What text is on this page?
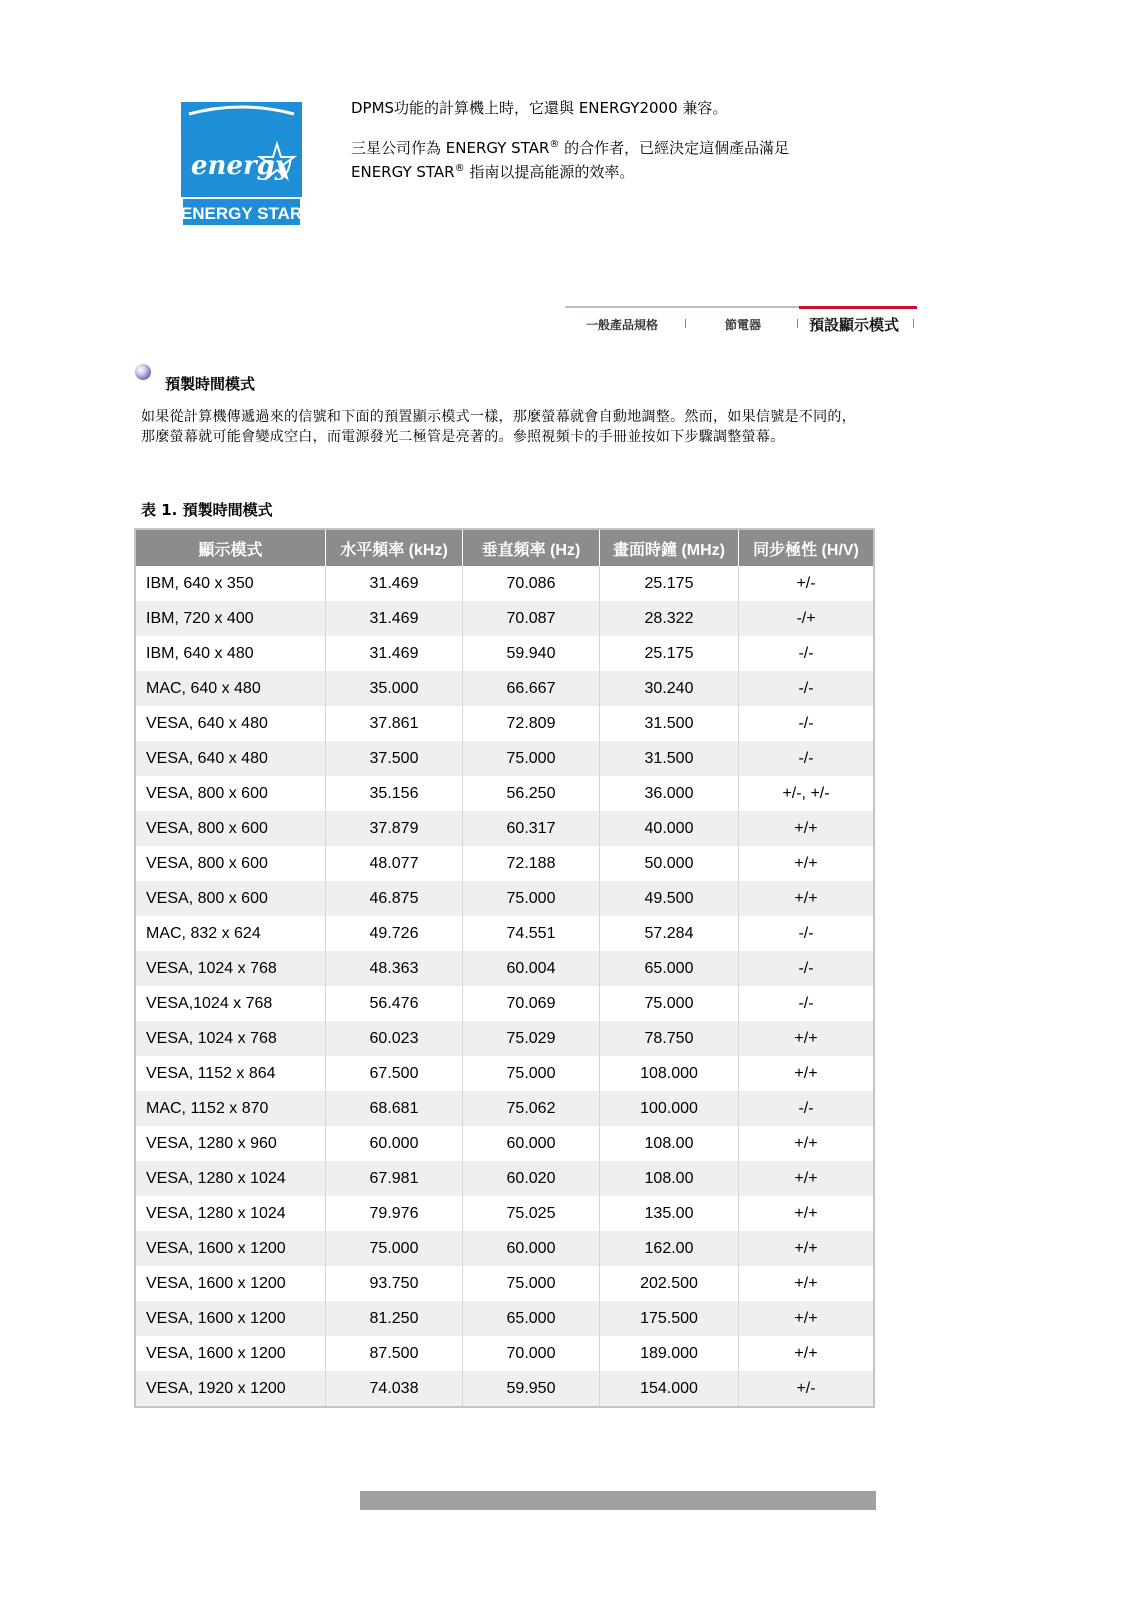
energy
ENERGY STAR

DPMS功能的計算機上時，它還與 ENERGY2000 兼容。

三星公司作為 ENERGY STAR® 的合作者，已經決定這個產品滿足
ENERGY STAR® 指南以提高能源的效率。

一般產品規格	節電器	預設顯示模式
預製時間模式
如果從計算機傳遞過來的信號和下面的預置顯示模式一樣，那麼螢幕就會自動地調整。然而，如果信號是不同的，那麼螢幕就可能會變成空白，而電源發光二極管是亮著的。參照視頻卡的手冊並按如下步驟調整螢幕。
表 1. 預製時間模式
顯示模式	水平頻率 (kHz)	垂直頻率 (Hz)	畫面時鐘 (MHz)	同步極性 (H/V)
IBM, 640 x 350	31.469	70.086	25.175	+/-
IBM, 720 x 400	31.469	70.087	28.322	-/+
IBM, 640 x 480	31.469	59.940	25.175	-/-
MAC, 640 x 480	35.000	66.667	30.240	-/-
VESA, 640 x 480	37.861	72.809	31.500	-/-
VESA, 640 x 480	37.500	75.000	31.500	-/-
VESA, 800 x 600	35.156	56.250	36.000	+/-, +/-
VESA, 800 x 600	37.879	60.317	40.000	+/+
VESA, 800 x 600	48.077	72.188	50.000	+/+
VESA, 800 x 600	46.875	75.000	49.500	+/+
MAC, 832 x 624	49.726	74.551	57.284	-/-
VESA, 1024 x 768	48.363	60.004	65.000	-/-
VESA,1024 x 768	56.476	70.069	75.000	-/-
VESA, 1024 x 768	60.023	75.029	78.750	+/+
VESA, 1152 x 864	67.500	75.000	108.000	+/+
MAC, 1152 x 870	68.681	75.062	100.000	-/-
VESA, 1280 x 960	60.000	60.000	108.00	+/+
VESA, 1280 x 1024	67.981	60.020	108.00	+/+
VESA, 1280 x 1024	79.976	75.025	135.00	+/+
VESA, 1600 x 1200	75.000	60.000	162.00	+/+
VESA, 1600 x 1200	93.750	75.000	202.500	+/+
VESA, 1600 x 1200	81.250	65.000	175.500	+/+
VESA, 1600 x 1200	87.500	70.000	189.000	+/+
VESA, 1920 x 1200	74.038	59.950	154.000	+/-
